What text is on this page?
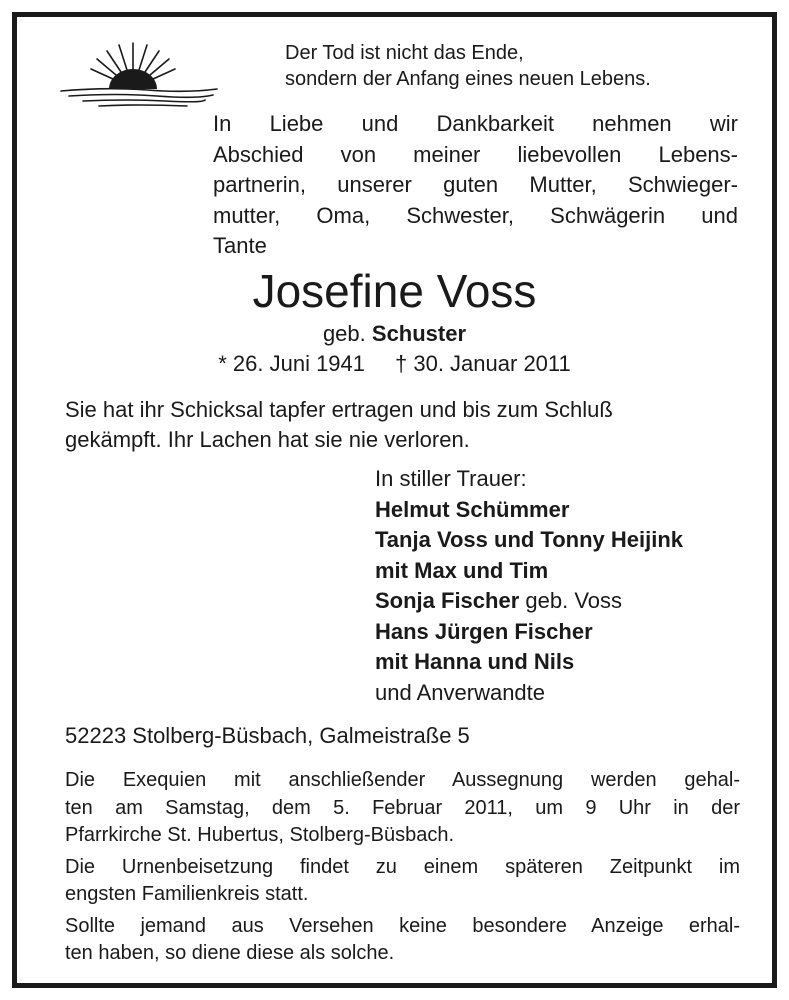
Der Tod ist nicht das Ende,
sondern der Anfang eines neuen Lebens.
In Liebe und Dankbarkeit nehmen wir
Abschied von meiner liebevollen Lebens-
partnerin, unserer guten Mutter, Schwieger-
mutter, Oma, Schwester, Schwägerin und
Tante
Josefine Voss
geb. Schuster
* 26. Juni 1941 † 30. Januar 2011
Sie hat ihr Schicksal tapfer ertragen und bis zum Schluß
gekämpft. Ihr Lachen hat sie nie verloren.
In stiller Trauer:
Helmut Schümmer
Tanja Voss und Tonny Heijink
mit Max und Tim
Sonja Fischer geb. Voss
Hans Jürgen Fischer
mit Hanna und Nils
und Anverwandte
52223 Stolberg-Büsbach, Galmeistraße 5
Die Exequien mit anschließender Aussegnung werden gehal-
ten am Samstag, dem 5. Februar 2011, um 9 Uhr in der
Pfarrkirche St. Hubertus, Stolberg-Büsbach.
Die Urnenbeisetzung findet zu einem späteren Zeitpunkt im
engsten Familienkreis statt.
Sollte jemand aus Versehen keine besondere Anzeige erhal-
ten haben, so diene diese als solche.
